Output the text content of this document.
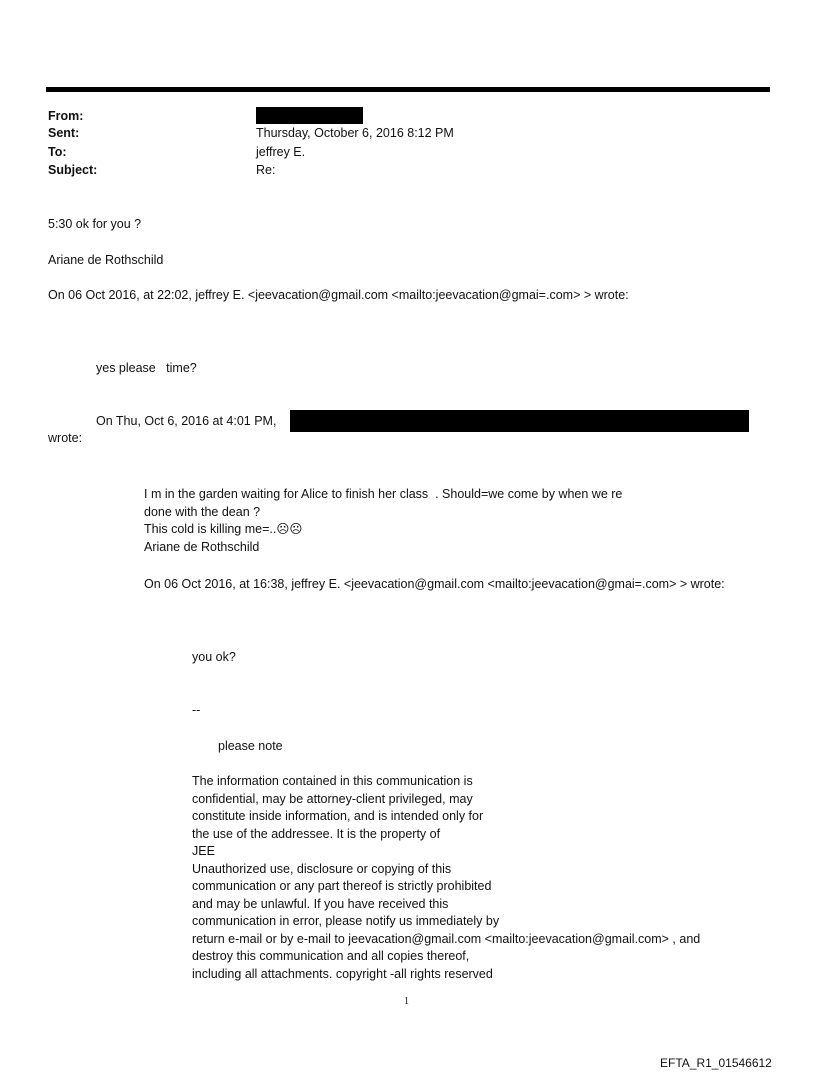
From:
Sent:	Thursday, October 6, 2016 8:12 PM
To:	jeffrey E.
Subject:	Re:
5:30 ok for you ?
Ariane de Rothschild
On 06 Oct 2016, at 22:02, jeffrey E. <jeevacation@gmail.com <mailto:jeevacation@gmai=.com> > wrote:
yes please   time?
On Thu, Oct 6, 2016 at 4:01 PM,
wrote:
I m in the garden waiting for Alice to finish her class  . Should=we come by when we re
done with the dean ?
This cold is killing me=..☹☹
Ariane de Rothschild
On 06 Oct 2016, at 16:38, jeffrey E. <jeevacation@gmail.com <mailto:jeevacation@gmai=.com> > wrote:
you ok?
--
please note
The information contained in this communication is
confidential, may be attorney-client privileged, may
constitute inside information, and is intended only for
the use of the addressee. It is the property of
JEE
Unauthorized use, disclosure or copying of this
communication or any part thereof is strictly prohibited
and may be unlawful. If you have received this
communication in error, please notify us immediately by
return e-mail or by e-mail to jeevacation@gmail.com <mailto:jeevacation@gmail.com> , and
destroy this communication and all copies thereof,
including all attachments. copyright -all rights reserved
1
EFTA_R1_01546612
